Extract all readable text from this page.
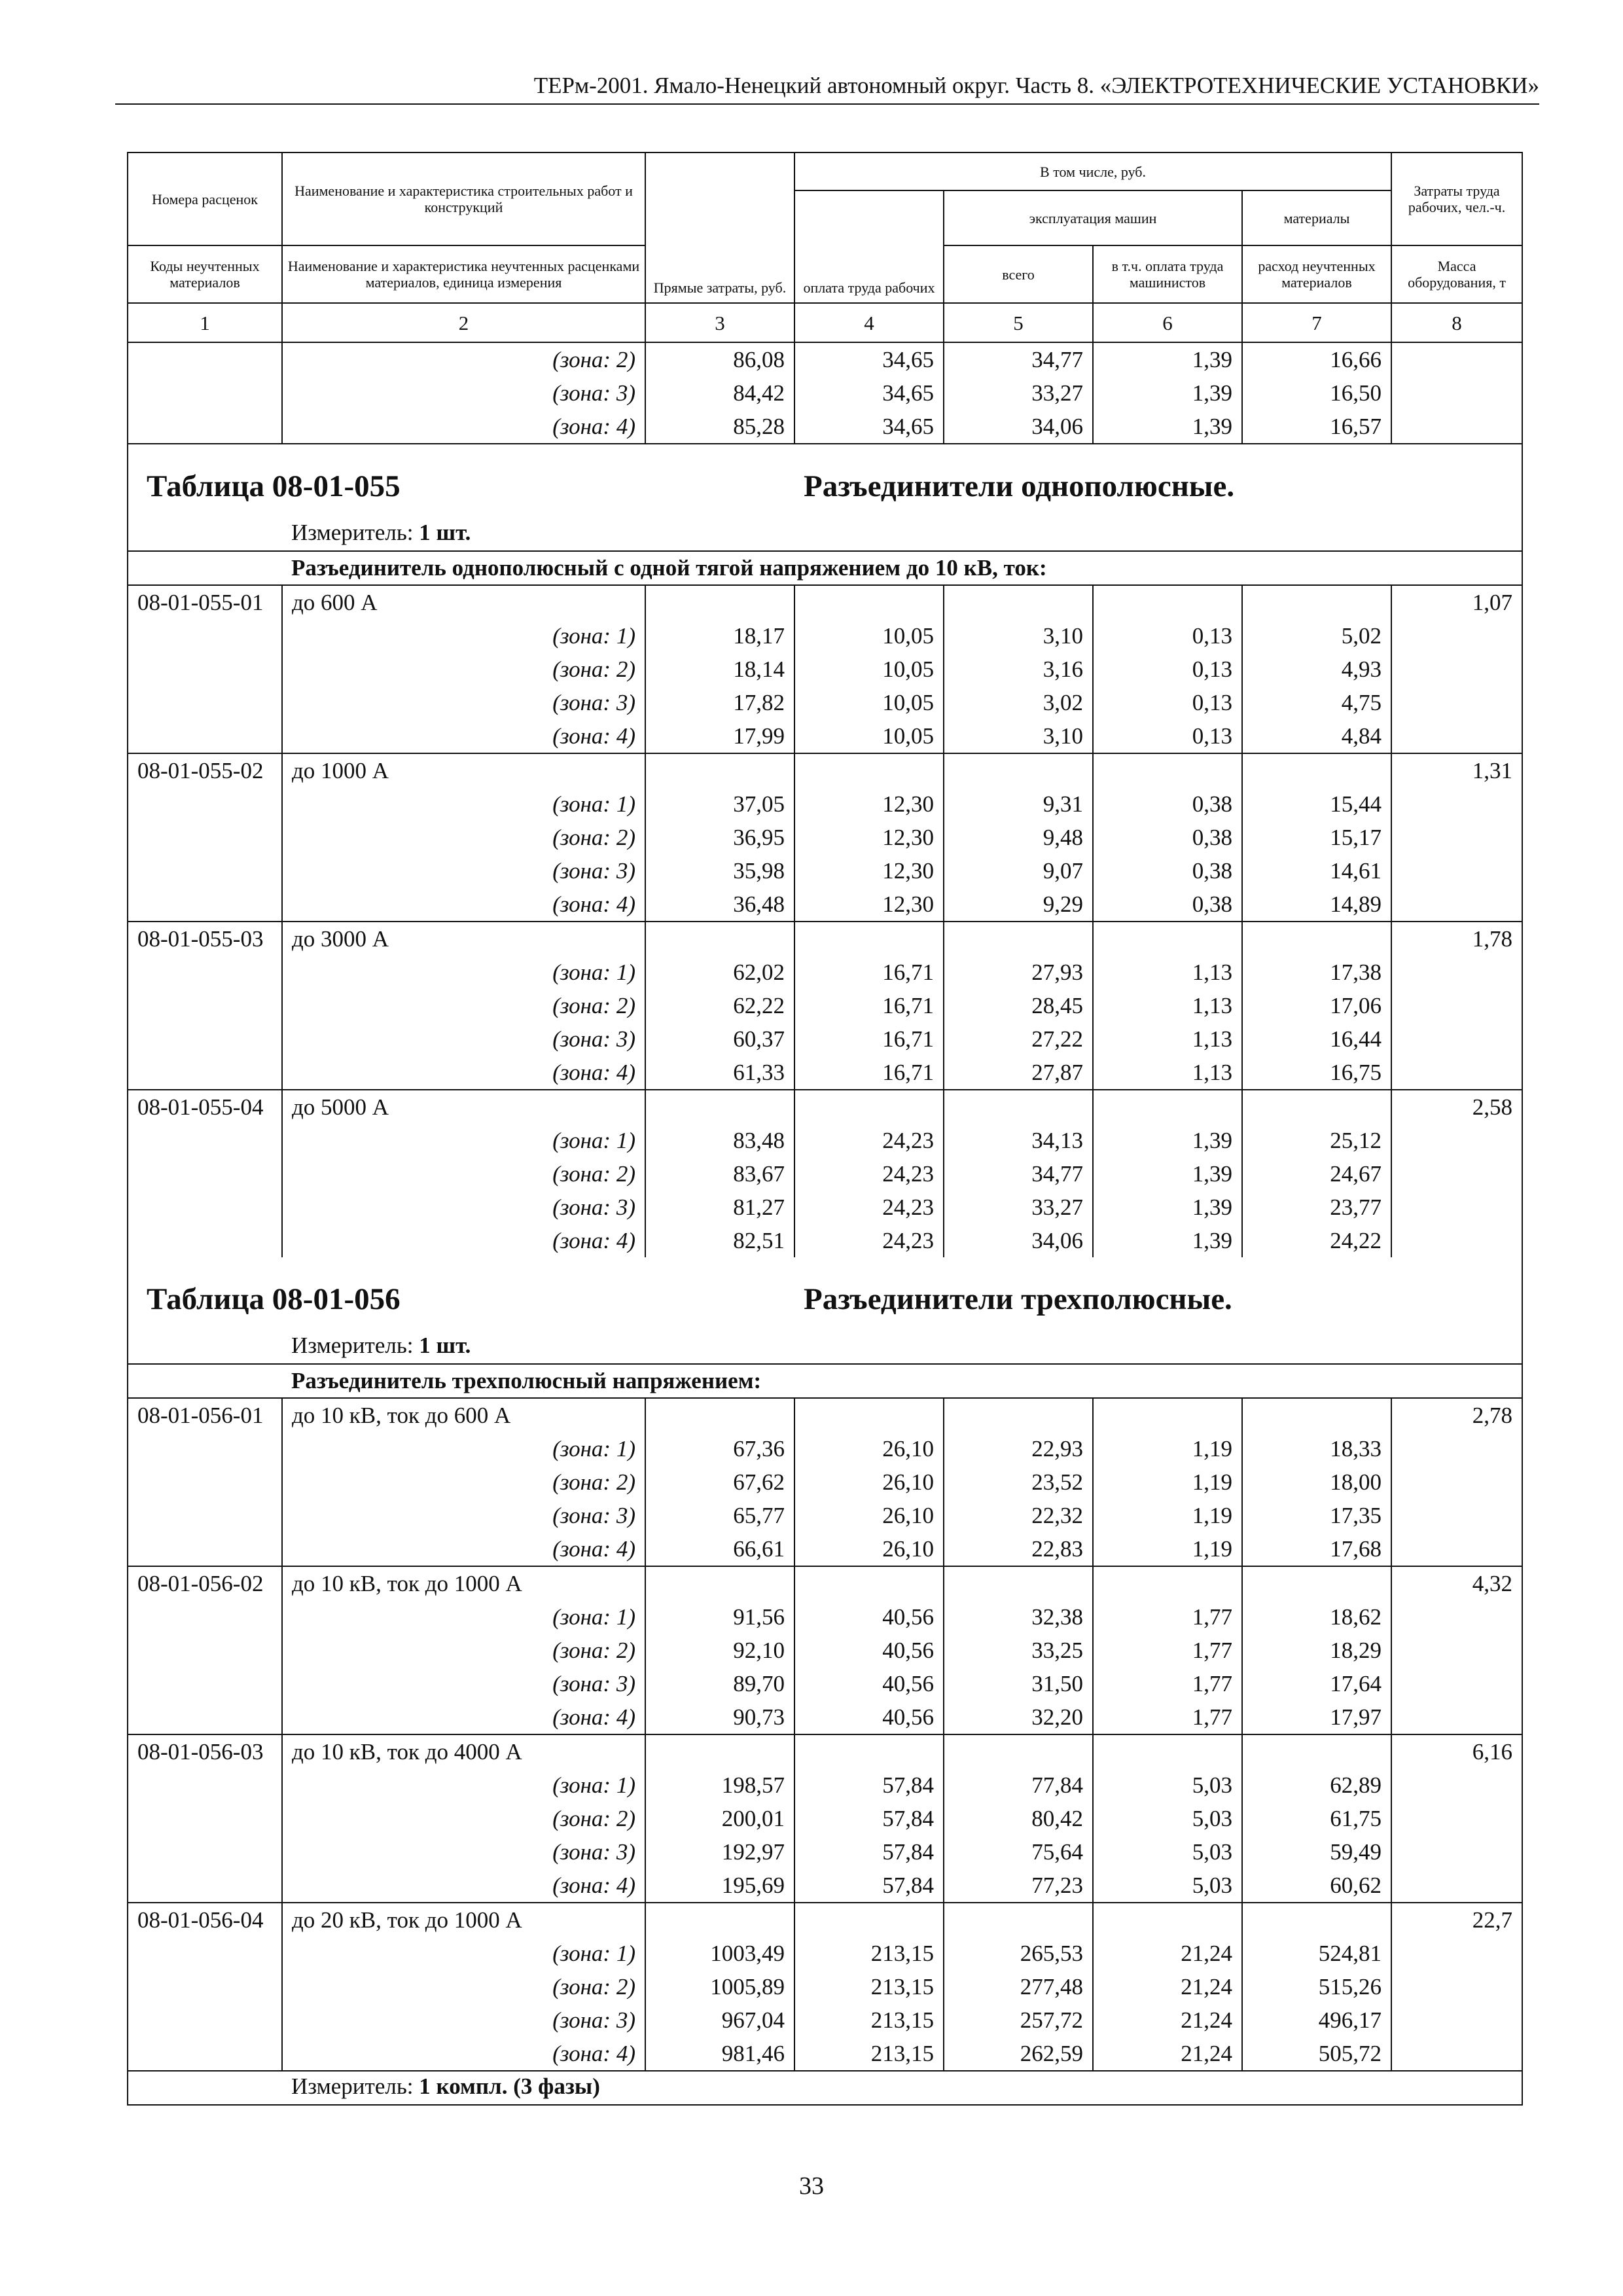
ТЕРм-2001. Ямало-Ненецкий автономный округ. Часть 8. «ЭЛЕКТРОТЕХНИЧЕСКИЕ УСТАНОВКИ»
Номера расценок	Наименование и характеристика строительных работ и конструкций	Прямые затраты, руб.	В том числе, руб.				Затраты труда рабочих, чел.-ч.
			оплата труда рабочих	эксплуатация машин		материалы	
Коды неучтенных материалов	Наименование и характеристика неучтенных расценками материалов, единица измерения			всего	в т.ч. оплата труда машинистов	расход неучтенных материалов	Масса оборудования, т
1	2	3	4	5	6	7	8
	(зона: 2)	86,08	34,65	34,77	1,39	16,66	
	(зона: 3)	84,42	34,65	33,27	1,39	16,50	
	(зона: 4)	85,28	34,65	34,06	1,39	16,57	
Таблица 08-01-055			Разъединители однополюсные.				
	Измеритель: 1 шт.						
	Разъединитель однополюсный с одной тягой напряжением до 10 кВ, ток:						
08-01-055-01	до 600 А						1,07
	(зона: 1)	18,17	10,05	3,10	0,13	5,02	
	(зона: 2)	18,14	10,05	3,16	0,13	4,93	
	(зона: 3)	17,82	10,05	3,02	0,13	4,75	
	(зона: 4)	17,99	10,05	3,10	0,13	4,84	
08-01-055-02	до 1000 А						1,31
	(зона: 1)	37,05	12,30	9,31	0,38	15,44	
	(зона: 2)	36,95	12,30	9,48	0,38	15,17	
	(зона: 3)	35,98	12,30	9,07	0,38	14,61	
	(зона: 4)	36,48	12,30	9,29	0,38	14,89	
08-01-055-03	до 3000 А						1,78
	(зона: 1)	62,02	16,71	27,93	1,13	17,38	
	(зона: 2)	62,22	16,71	28,45	1,13	17,06	
	(зона: 3)	60,37	16,71	27,22	1,13	16,44	
	(зона: 4)	61,33	16,71	27,87	1,13	16,75	
08-01-055-04	до 5000 А						2,58
	(зона: 1)	83,48	24,23	34,13	1,39	25,12	
	(зона: 2)	83,67	24,23	34,77	1,39	24,67	
	(зона: 3)	81,27	24,23	33,27	1,39	23,77	
	(зона: 4)	82,51	24,23	34,06	1,39	24,22	
Таблица 08-01-056			Разъединители трехполюсные.				
	Измеритель: 1 шт.						
	Разъединитель трехполюсный напряжением:						
08-01-056-01	до 10 кВ, ток до 600 А						2,78
	(зона: 1)	67,36	26,10	22,93	1,19	18,33	
	(зона: 2)	67,62	26,10	23,52	1,19	18,00	
	(зона: 3)	65,77	26,10	22,32	1,19	17,35	
	(зона: 4)	66,61	26,10	22,83	1,19	17,68	
08-01-056-02	до 10 кВ, ток до 1000 А						4,32
	(зона: 1)	91,56	40,56	32,38	1,77	18,62	
	(зона: 2)	92,10	40,56	33,25	1,77	18,29	
	(зона: 3)	89,70	40,56	31,50	1,77	17,64	
	(зона: 4)	90,73	40,56	32,20	1,77	17,97	
08-01-056-03	до 10 кВ, ток до 4000 А						6,16
	(зона: 1)	198,57	57,84	77,84	5,03	62,89	
	(зона: 2)	200,01	57,84	80,42	5,03	61,75	
	(зона: 3)	192,97	57,84	75,64	5,03	59,49	
	(зона: 4)	195,69	57,84	77,23	5,03	60,62	
08-01-056-04	до 20 кВ, ток до 1000 А						22,7
	(зона: 1)	1003,49	213,15	265,53	21,24	524,81	
	(зона: 2)	1005,89	213,15	277,48	21,24	515,26	
	(зона: 3)	967,04	213,15	257,72	21,24	496,17	
	(зона: 4)	981,46	213,15	262,59	21,24	505,72	
	Измеритель: 1 компл. (3 фазы)						
33
